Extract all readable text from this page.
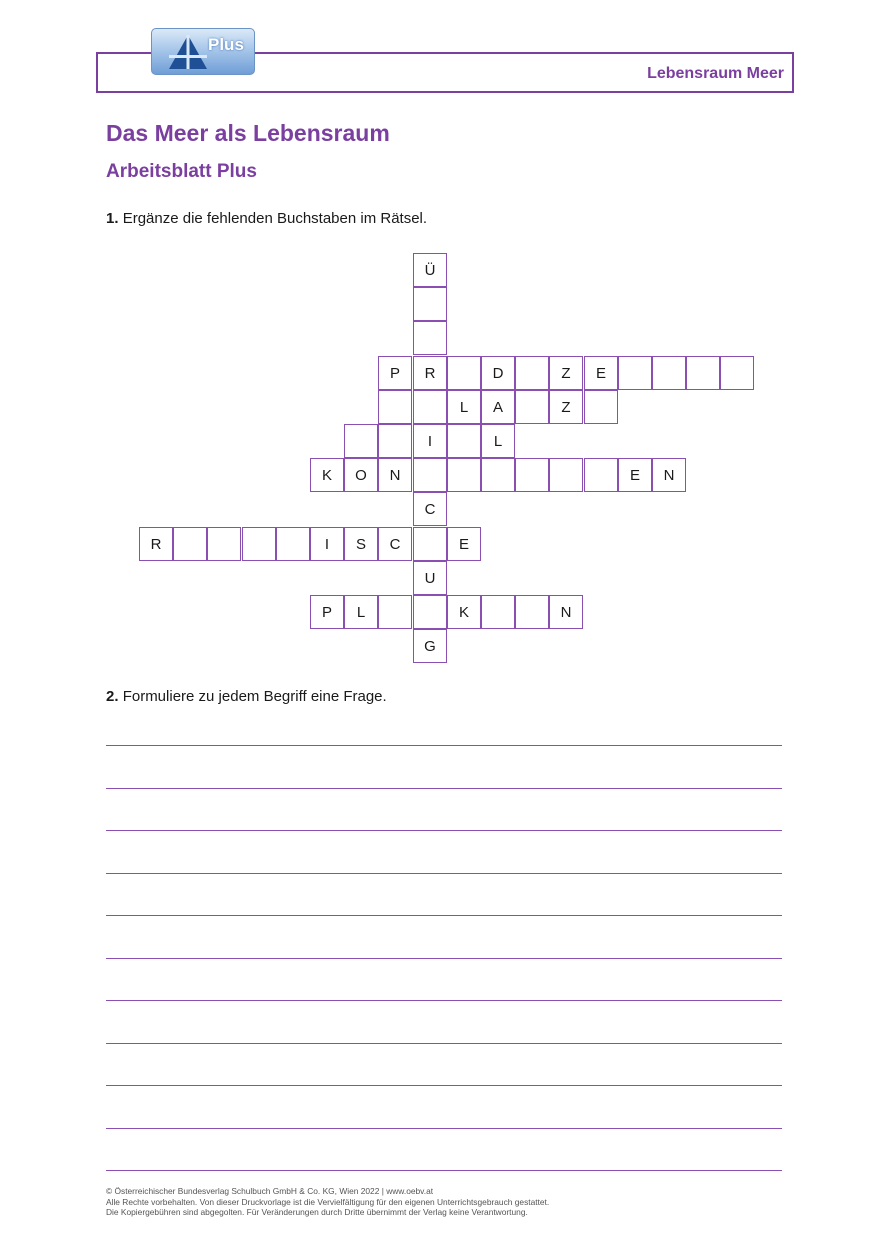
Lebensraum Meer
Plus
Das Meer als Lebensraum
Arbeitsblatt Plus
1. Ergänze die fehlenden Buchstaben im Rätsel.
Ü
P	R	D	Z	E
L	A	Z
I	L
K	O	N	E	N
C
R	I	S	C	E
U
P	L	K	N
G
2. Formuliere zu jedem Begriff eine Frage.
© Österreichischer Bundesverlag Schulbuch GmbH & Co. KG, Wien 2022 | www.oebv.at
Alle Rechte vorbehalten. Von dieser Druckvorlage ist die Vervielfältigung für den eigenen Unterrichtsgebrauch gestattet.
Die Kopiergebühren sind abgegolten. Für Veränderungen durch Dritte übernimmt der Verlag keine Verantwortung.
